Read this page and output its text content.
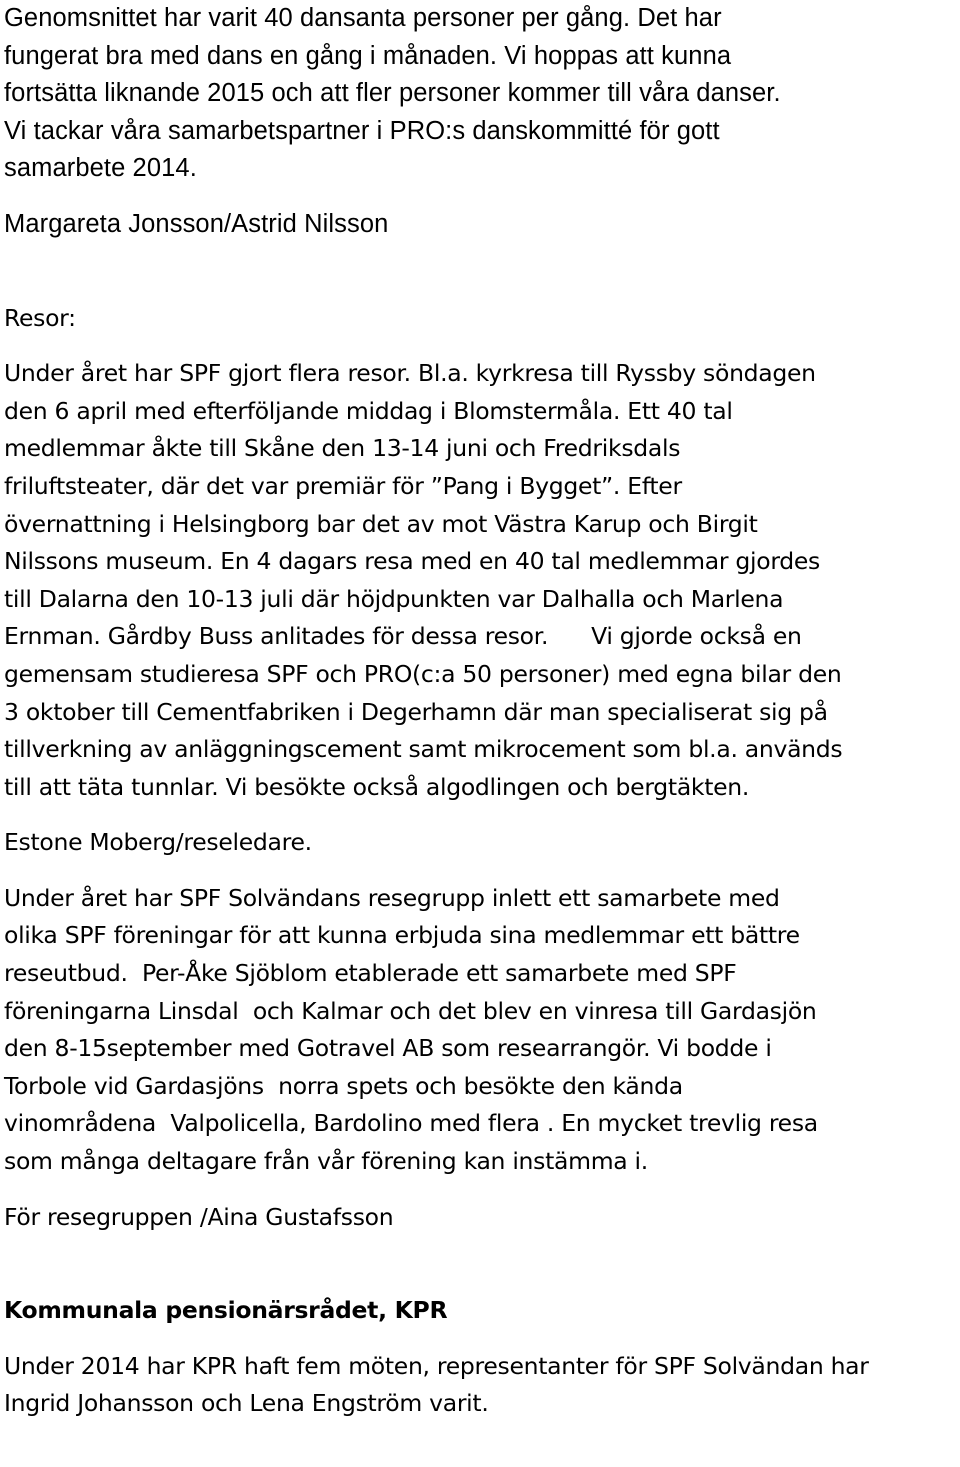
Genomsnittet har varit 40 dansanta personer per gång. Det har
fungerat bra med dans en gång i månaden. Vi hoppas att kunna
fortsätta liknande 2015 och att fler personer kommer till våra danser.
Vi tackar våra samarbetspartner i PRO:s danskommitté för gott
samarbete 2014.
Margareta Jonsson/Astrid Nilsson
Resor:
Under året har SPF gjort flera resor. Bl.a. kyrkresa till Ryssby söndagen
den 6 april med efterföljande middag i Blomstermåla. Ett 40 tal
medlemmar åkte till Skåne den 13-14 juni och Fredriksdals
friluftsteater, där det var premiär för ”Pang i Bygget”. Efter
övernattning i Helsingborg bar det av mot Västra Karup och Birgit
Nilssons museum. En 4 dagars resa med en 40 tal medlemmar gjordes
till Dalarna den 10-13 juli där höjdpunkten var Dalhalla och Marlena
Ernman. Gårdby Buss anlitades för dessa resor.      Vi gjorde också en
gemensam studieresa SPF och PRO(c:a 50 personer) med egna bilar den
3 oktober till Cementfabriken i Degerhamn där man specialiserat sig på
tillverkning av anläggningscement samt mikrocement som bl.a. används
till att täta tunnlar. Vi besökte också algodlingen och bergtäkten.
Estone Moberg/reseledare.
Under året har SPF Solvändans resegrupp inlett ett samarbete med
olika SPF föreningar för att kunna erbjuda sina medlemmar ett bättre
reseutbud.  Per-Åke Sjöblom etablerade ett samarbete med SPF
föreningarna Linsdal  och Kalmar och det blev en vinresa till Gardasjön
den 8-15september med Gotravel AB som researrangör. Vi bodde i
Torbole vid Gardasjöns  norra spets och besökte den kända
vinområdena  Valpolicella, Bardolino med flera . En mycket trevlig resa
som många deltagare från vår förening kan instämma i.
För resegruppen /Aina Gustafsson
Kommunala pensionärsrådet, KPR
Under 2014 har KPR haft fem möten, representanter för SPF Solvändan har
Ingrid Johansson och Lena Engström varit.
